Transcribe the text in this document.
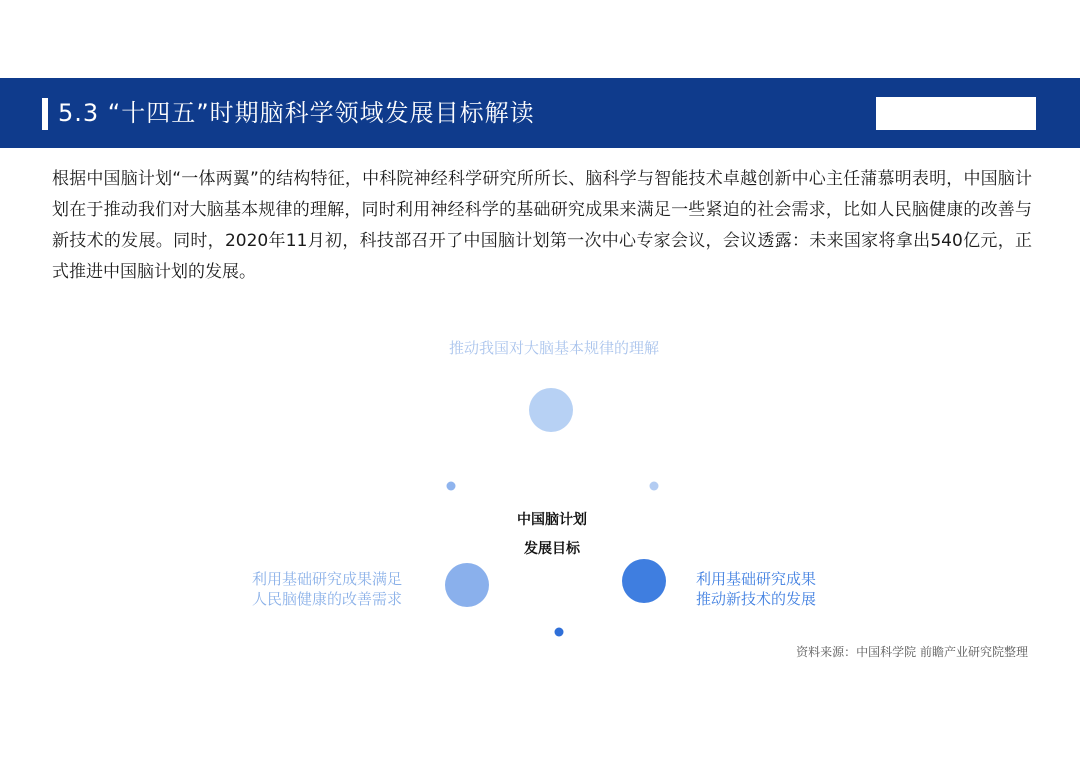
5.3 “十四五”时期脑科学领域发展目标解读

根据中国脑计划“一体两翼”的结构特征，中科院神经科学研究所所长、脑科学与智能技术卓越创新中心主任蒲慕明表明，中国脑计划在于推动我们对大脑基本规律的理解，同时利用神经科学的基础研究成果来满足一些紧迫的社会需求，比如人民脑健康的改善与新技术的发展。同时，2020年11月初，科技部召开了中国脑计划第一次中心专家会议，会议透露：未来国家将拿出540亿元，正式推进中国脑计划的发展。

推动我国对大脑基本规律的理解
利用基础研究成果满足
人民脑健康的改善需求
利用基础研究成果
推动新技术的发展
中国脑计划
发展目标
资料来源：中国科学院 前瞻产业研究院整理
